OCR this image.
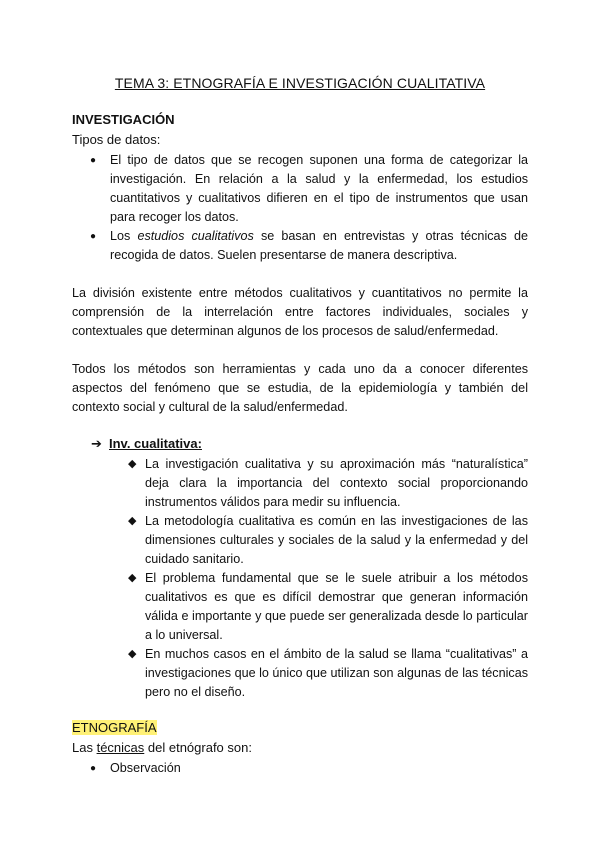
TEMA 3: ETNOGRAFÍA E INVESTIGACIÓN CUALITATIVA
INVESTIGACIÓN
Tipos de datos:
● El tipo de datos que se recogen suponen una forma de categorizar la investigación. En relación a la salud y la enfermedad, los estudios cuantitativos y cualitativos difieren en el tipo de instrumentos que usan para recoger los datos.
● Los estudios cualitativos se basan en entrevistas y otras técnicas de recogida de datos. Suelen presentarse de manera descriptiva.
La división existente entre métodos cualitativos y cuantitativos no permite la comprensión de la interrelación entre factores individuales, sociales y contextuales que determinan algunos de los procesos de salud/enfermedad.
Todos los métodos son herramientas y cada uno da a conocer diferentes aspectos del fenómeno que se estudia, de la epidemiología y también del contexto social y cultural de la salud/enfermedad.
➔ Inv. cualitativa:
◆ La investigación cualitativa y su aproximación más “naturalística” deja clara la importancia del contexto social proporcionando instrumentos válidos para medir su influencia.
◆ La metodología cualitativa es común en las investigaciones de las dimensiones culturales y sociales de la salud y la enfermedad y del cuidado sanitario.
◆ El problema fundamental que se le suele atribuir a los métodos cualitativos es que es difícil demostrar que generan información válida e importante y que puede ser generalizada desde lo particular a lo universal.
◆ En muchos casos en el ámbito de la salud se llama “cualitativas” a investigaciones que lo único que utilizan son algunas de las técnicas pero no el diseño.
ETNOGRAFÍA
Las técnicas del etnógrafo son:
● Observación
